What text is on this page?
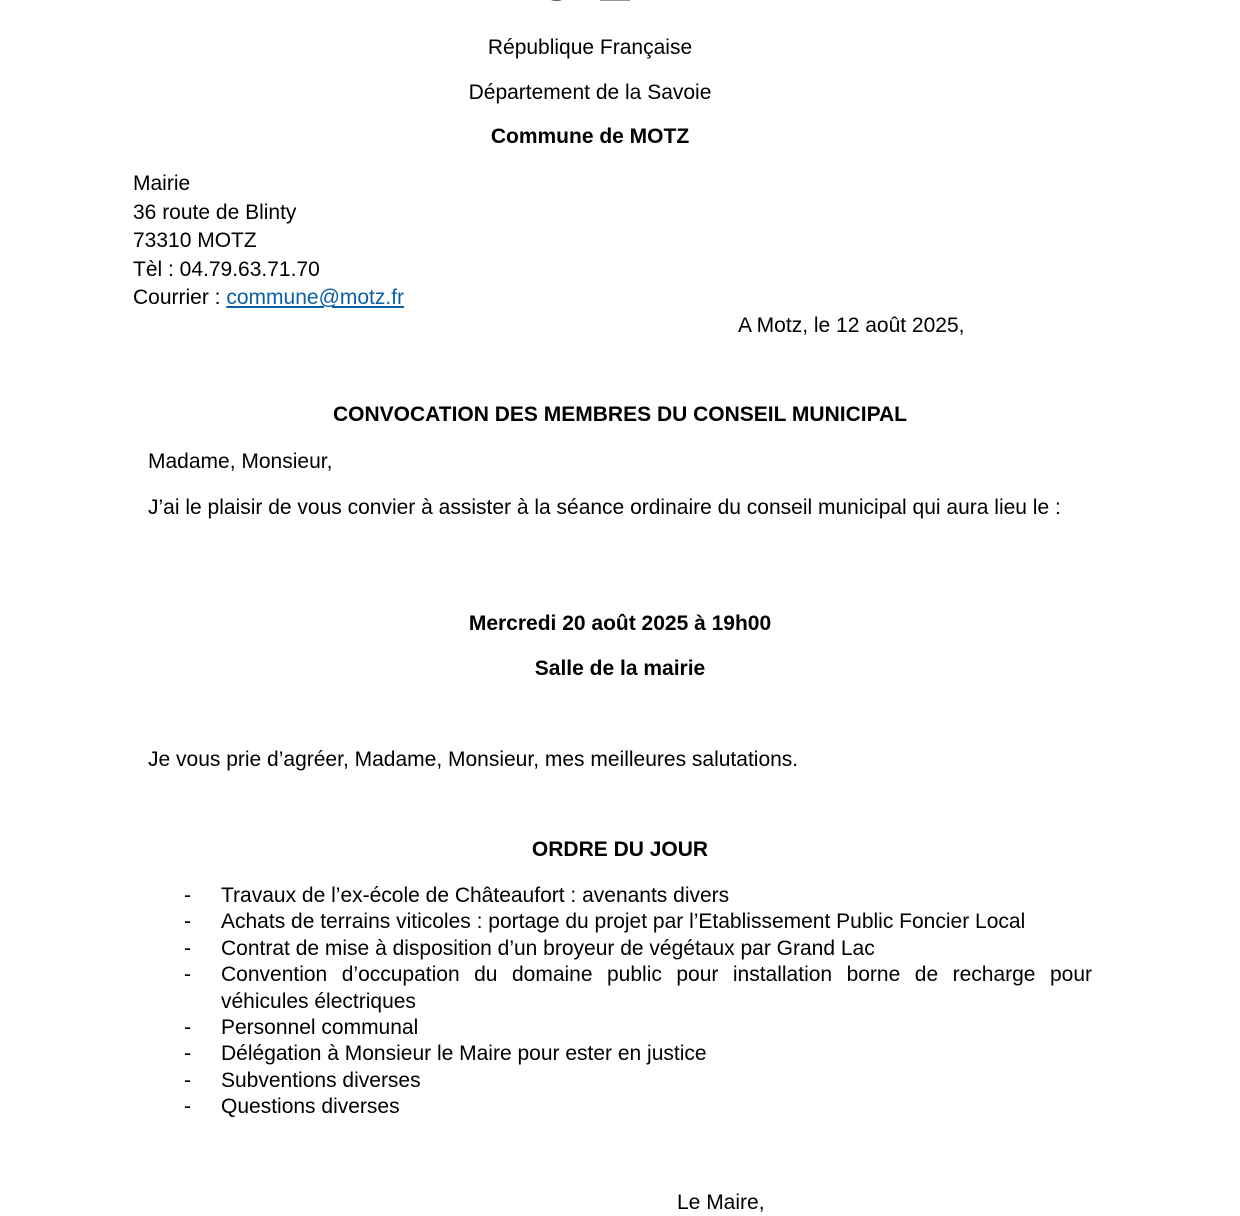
République Française
Département de la Savoie
Commune de MOTZ
Mairie
36 route de Blinty
73310 MOTZ
Tèl : 04.79.63.71.70
Courrier : commune@motz.fr
A Motz, le 12 août 2025,
CONVOCATION DES MEMBRES DU CONSEIL MUNICIPAL
Madame, Monsieur,
J’ai le plaisir de vous convier à assister à la séance ordinaire du conseil municipal qui aura lieu le :
Mercredi 20 août 2025 à 19h00
Salle de la mairie
Je vous prie d’agréer, Madame, Monsieur, mes meilleures salutations.
ORDRE DU JOUR
- Travaux de l’ex-école de Châteaufort : avenants divers
- Achats de terrains viticoles : portage du projet par l’Etablissement Public Foncier Local
- Contrat de mise à disposition d’un broyeur de végétaux par Grand Lac
- Convention d’occupation du domaine public pour installation borne de recharge pour véhicules électriques
- Personnel communal
- Délégation à Monsieur le Maire pour ester en justice
- Subventions diverses
- Questions diverses
Le Maire,
